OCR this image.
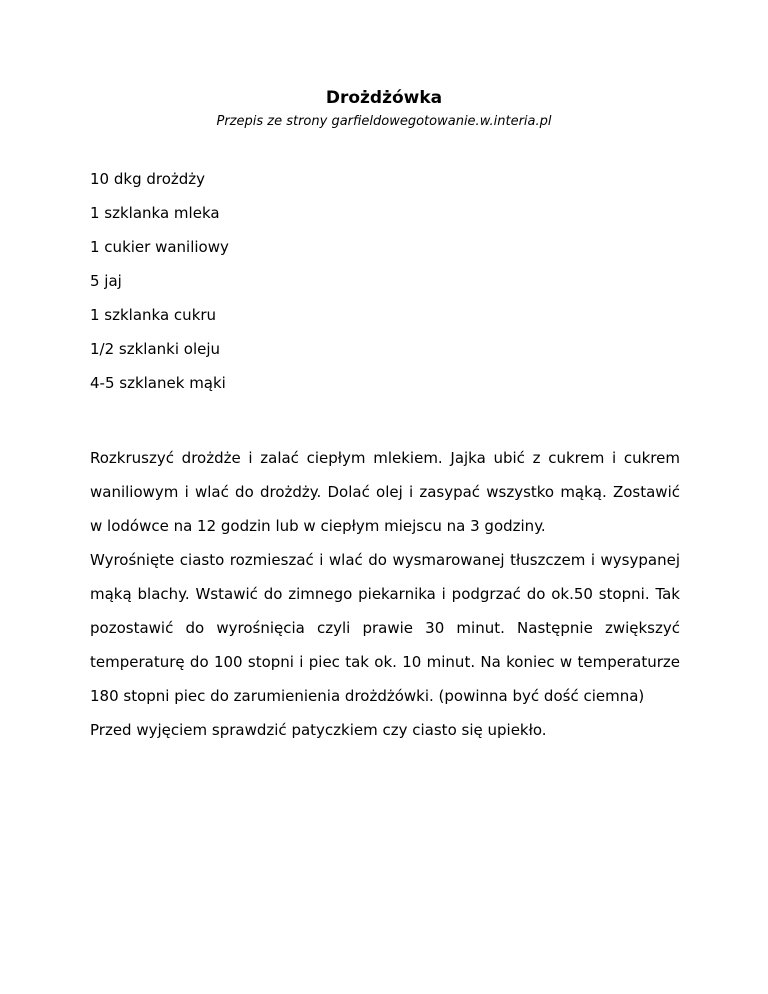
Drożdżówka
Przepis ze strony garfieldowegotowanie.w.interia.pl
10 dkg drożdży
1 szklanka mleka
1 cukier waniliowy
5 jaj
1 szklanka cukru
1/2 szklanki oleju
4-5 szklanek mąki

Rozkruszyć drożdże i zalać ciepłym mlekiem. Jajka ubić z cukrem i cukrem waniliowym i wlać do drożdży. Dolać olej i zasypać wszystko mąką. Zostawić w lodówce na 12 godzin lub w ciepłym miejscu na 3 godziny.

Wyrośnięte ciasto rozmieszać i wlać do wysmarowanej tłuszczem i wysypanej mąką blachy. Wstawić do zimnego piekarnika i podgrzać do ok.50 stopni. Tak pozostawić do wyrośnięcia czyli prawie 30 minut. Następnie zwiększyć temperaturę do 100 stopni i piec tak ok. 10 minut. Na koniec w temperaturze 180 stopni piec do zarumienienia drożdżówki. (powinna być dość ciemna)

Przed wyjęciem sprawdzić patyczkiem czy ciasto się upiekło.
